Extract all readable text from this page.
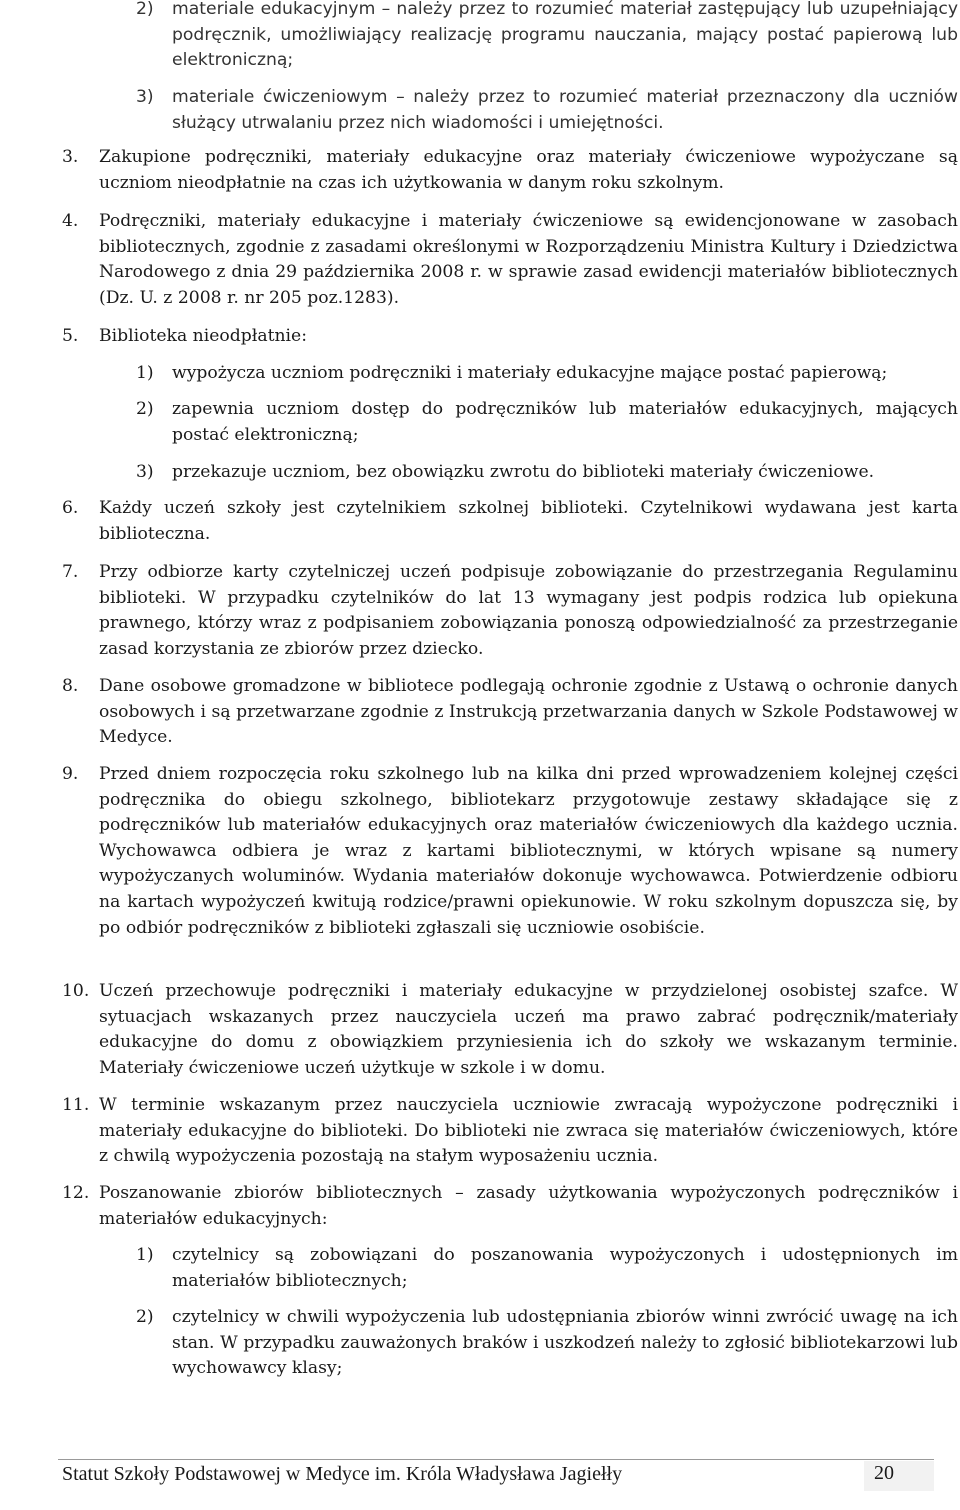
2)	materiale edukacyjnym – należy przez to rozumieć materiał zastępujący lub uzupełniający podręcznik, umożliwiający realizację programu nauczania, mający postać papierową lub elektroniczną;
3)	materiale ćwiczeniowym – należy przez to rozumieć materiał przeznaczony dla uczniów służący utrwalaniu przez nich wiadomości i umiejętności.
3.	Zakupione podręczniki, materiały edukacyjne oraz materiały ćwiczeniowe wypożyczane są uczniom nieodpłatnie na czas ich użytkowania w danym roku szkolnym.
4.	Podręczniki, materiały edukacyjne i materiały ćwiczeniowe są ewidencjonowane w zasobach bibliotecznych, zgodnie z zasadami określonymi w Rozporządzeniu Ministra Kultury i Dziedzictwa Narodowego z dnia 29 października 2008 r. w sprawie zasad ewidencji materiałów bibliotecznych (Dz. U. z 2008 r. nr 205 poz.1283).
5.	Biblioteka nieodpłatnie:
1)	wypożycza uczniom podręczniki i materiały edukacyjne mające postać papierową;
2)	zapewnia uczniom dostęp do podręczników lub materiałów edukacyjnych, mających postać elektroniczną;
3)	przekazuje uczniom, bez obowiązku zwrotu do biblioteki materiały ćwiczeniowe.
6.	Każdy uczeń szkoły jest czytelnikiem szkolnej biblioteki. Czytelnikowi wydawana jest karta biblioteczna.
7.	Przy odbiorze karty czytelniczej uczeń podpisuje zobowiązanie do przestrzegania Regulaminu biblioteki. W przypadku czytelników do lat 13 wymagany jest podpis rodzica lub opiekuna prawnego, którzy wraz z podpisaniem zobowiązania ponoszą odpowiedzialność za przestrzeganie zasad korzystania ze zbiorów przez dziecko.
8.	Dane osobowe gromadzone w bibliotece podlegają ochronie zgodnie z Ustawą o ochronie danych osobowych i są przetwarzane zgodnie z Instrukcją przetwarzania danych w Szkole Podstawowej w Medyce.
9.	Przed dniem rozpoczęcia roku szkolnego lub na kilka dni przed wprowadzeniem kolejnej części podręcznika do obiegu szkolnego, bibliotekarz przygotowuje zestawy składające się z podręczników lub materiałów edukacyjnych oraz materiałów ćwiczeniowych dla każdego ucznia. Wychowawca odbiera je wraz z kartami bibliotecznymi, w których wpisane są numery wypożyczanych woluminów. Wydania materiałów dokonuje wychowawca. Potwierdzenie odbioru na kartach wypożyczeń kwitują rodzice/prawni opiekunowie. W roku szkolnym dopuszcza się, by po odbiór podręczników z biblioteki zgłaszali się uczniowie osobiście.
10. Uczeń przechowuje podręczniki i materiały edukacyjne w przydzielonej osobistej szafce. W sytuacjach wskazanych przez nauczyciela uczeń ma prawo zabrać podręcznik/materiały edukacyjne do domu z obowiązkiem przyniesienia ich do szkoły we wskazanym terminie. Materiały ćwiczeniowe uczeń użytkuje w szkole i w domu.
11. W terminie wskazanym przez nauczyciela uczniowie zwracają wypożyczone podręczniki i materiały edukacyjne do biblioteki. Do biblioteki nie zwraca się materiałów ćwiczeniowych, które z chwilą wypożyczenia pozostają na stałym wyposażeniu ucznia.
12. Poszanowanie zbiorów bibliotecznych – zasady użytkowania wypożyczonych podręczników i materiałów edukacyjnych:
1)	czytelnicy są zobowiązani do poszanowania wypożyczonych i udostępnionych im materiałów bibliotecznych;
2)	czytelnicy w chwili wypożyczenia lub udostępniania zbiorów winni zwrócić uwagę na ich stan. W przypadku zauważonych braków i uszkodzeń należy to zgłosić bibliotekarzowi lub wychowawcy klasy;
Statut Szkoły Podstawowej w Medyce im. Króla Władysława Jagiełły	20
